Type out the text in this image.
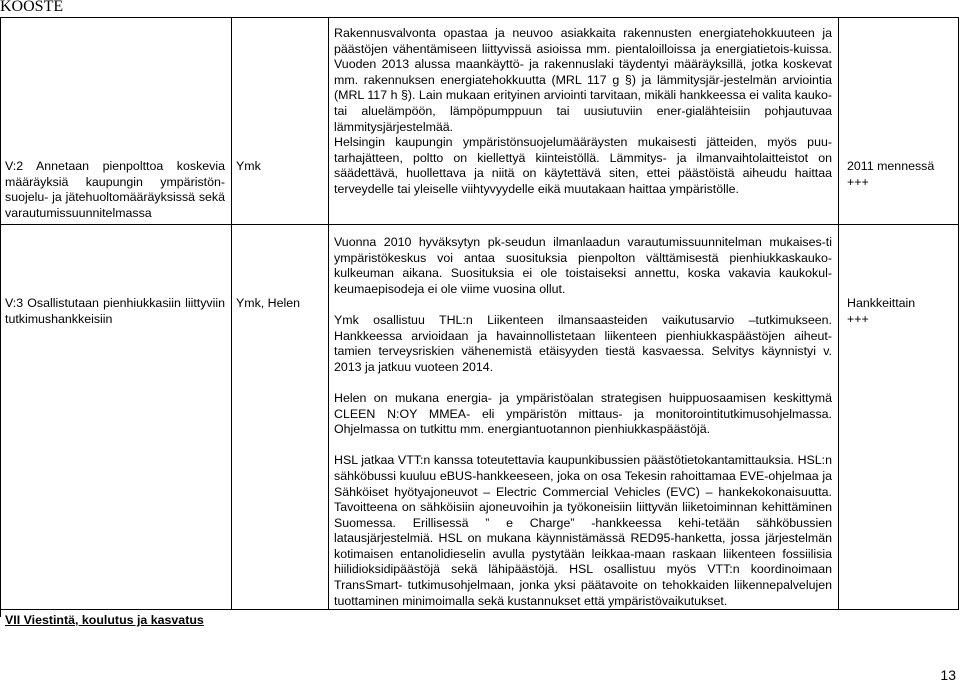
KOOSTE
V:2 Annetaan pienpolttoa koskevia määräyksiä kaupungin ympäristön-suojelu- ja jätehuoltomääräyksissä sekä varautumissuunnitelmassa
Ymk

Rakennusvalvonta opastaa ja neuvoo asiakkaita rakennusten energiatehokkuuteen ja päästöjen vähentämiseen liittyvissä asioissa mm. pientaloilloissa ja energiatietois-kuissa. Vuoden 2013 alussa maankäyttö- ja rakennuslaki täydentyi määräyksillä, jotka koskevat mm. rakennuksen energiatehokkuutta (MRL 117 g §) ja lämmitysjär-jestelmän arviointia (MRL 117 h §). Lain mukaan erityinen arviointi tarvitaan, mikäli hankkeessa ei valita kauko- tai aluelämpöön, lämpöpumppuun tai uusiutuviin ener-gialähteisiin pohjautuvaa lämmitysjärjestelmää.

Helsingin kaupungin ympäristönsuojelumääräysten mukaisesti jätteiden, myös puu-tarhajätteen, poltto on kiellettyä kiinteistöllä. Lämmitys- ja ilmanvaihtolaitteistot on säädettävä, huollettava ja niitä on käytettävä siten, ettei päästöistä aiheudu haittaa terveydelle tai yleiselle viihtyvyydelle eikä muutakaan haittaa ympäristölle.

2011 mennessä

+++

V:3 Osallistutaan pienhiukkasiin liittyviin tutkimushankkeisiin
Ymk, Helen

Vuonna 2010 hyväksytyn pk-seudun ilmanlaadun varautumissuunnitelman mukaises-ti ympäristökeskus voi antaa suosituksia pienpolton välttämisestä pienhiukkaskauko-kulkeuman aikana. Suosituksia ei ole toistaiseksi annettu, koska vakavia kaukokul-keumaepisodeja ei ole viime vuosina ollut.

Ymk osallistuu THL:n Liikenteen ilmansaasteiden vaikutusarvio –tutkimukseen. Hankkeessa arvioidaan ja havainnollistetaan liikenteen pienhiukkaspäästöjen aiheut-tamien terveysriskien vähenemistä etäisyyden tiestä kasvaessa. Selvitys käynnistyi v. 2013 ja jatkuu vuoteen 2014.

Helen on mukana energia- ja ympäristöalan strategisen huippuosaamisen keskittymä CLEEN N:OY MMEA- eli ympäristön mittaus- ja monitorointitutkimusohjelmassa. Ohjelmassa on tutkittu mm. energiantuotannon pienhiukkaspäästöjä.

HSL jatkaa VTT:n kanssa toteutettavia kaupunkibussien päästötietokantamittauksia. HSL:n sähköbussi kuuluu eBUS-hankkeeseen, joka on osa Tekesin rahoittamaa EVE-ohjelmaa ja Sähköiset hyötyajoneuvot – Electric Commercial Vehicles (EVC) – hankekokonaisuutta. Tavoitteena on sähköisiin ajoneuvoihin ja työkoneisiin liittyvän liiketoiminnan kehittäminen Suomessa. Erillisessä ” e Charge” -hankkeessa kehi-tetään sähköbussien latausjärjestelmiä. HSL on mukana käynnistämässä RED95-hanketta, jossa järjestelmän kotimaisen entanolidieselin avulla pystytään leikkaa-maan raskaan liikenteen fossiilisia hiilidioksidipäästöjä sekä lähipäästöjä. HSL osallistuu myös VTT:n koordinoimaan TransSmart- tutkimusohjelmaan, jonka yksi päätavoite on tehokkaiden liikennepalvelujen tuottaminen minimoimalla sekä kustannukset että ympäristövaikutukset.

Hankkeittain

+++

VII Viestintä, koulutus ja kasvatus
13
